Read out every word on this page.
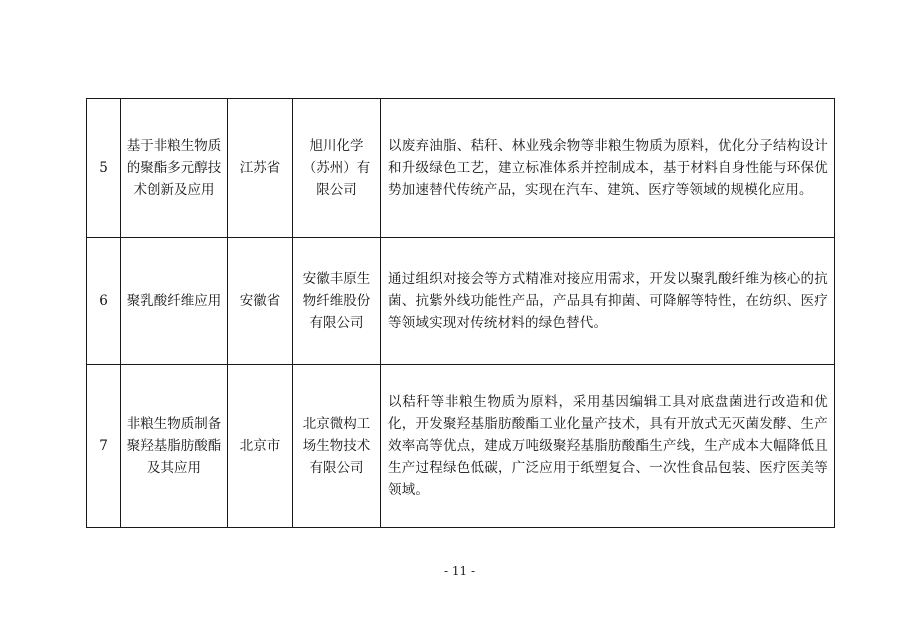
5	基于非粮生物质的聚酯多元醇技术创新及应用	江苏省	旭川化学（苏州）有限公司	以废弃油脂、秸秆、林业残余物等非粮生物质为原料，优化分子结构设计和升级绿色工艺，建立标准体系并控制成本，基于材料自身性能与环保优势加速替代传统产品，实现在汽车、建筑、医疗等领域的规模化应用。
6	聚乳酸纤维应用	安徽省	安徽丰原生物纤维股份有限公司	通过组织对接会等方式精准对接应用需求，开发以聚乳酸纤维为核心的抗菌、抗紫外线功能性产品，产品具有抑菌、可降解等特性，在纺织、医疗等领域实现对传统材料的绿色替代。
7	非粮生物质制备聚羟基脂肪酸酯及其应用	北京市	北京微构工场生物技术有限公司	以秸秆等非粮生物质为原料，采用基因编辑工具对底盘菌进行改造和优化，开发聚羟基脂肪酸酯工业化量产技术，具有开放式无灭菌发酵、生产效率高等优点，建成万吨级聚羟基脂肪酸酯生产线，生产成本大幅降低且生产过程绿色低碳，广泛应用于纸塑复合、一次性食品包装、医疗医美等领域。
- 11 -
